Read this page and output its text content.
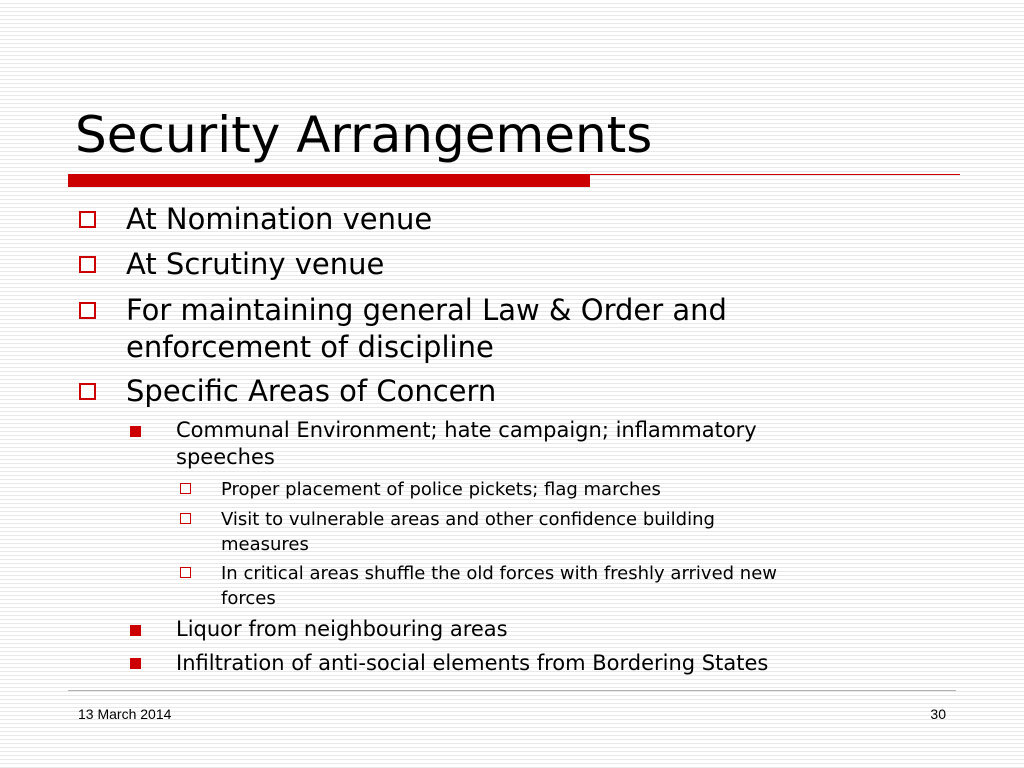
Security Arrangements
At Nomination venue
At Scrutiny venue
For maintaining general Law & Order and
enforcement of discipline
Specific Areas of Concern
Communal Environment; hate campaign; inflammatory
speeches
Proper placement of police pickets; flag marches
Visit to vulnerable areas and other confidence building
measures
In critical areas shuffle the old forces with freshly arrived new
forces
Liquor from neighbouring areas
Infiltration of anti-social elements from Bordering States
13 March 2014	30
